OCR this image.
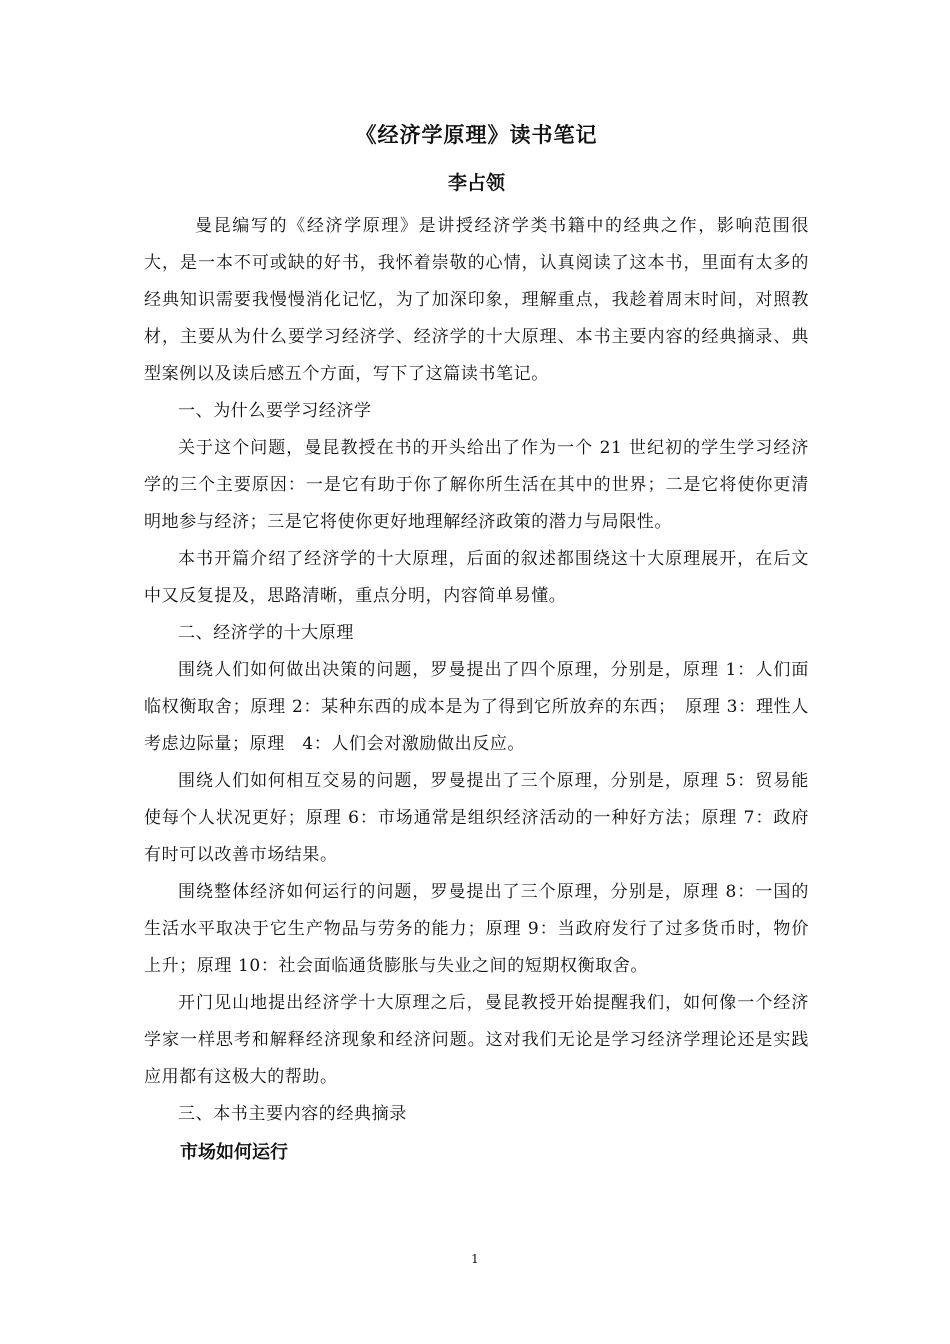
《经济学原理》读书笔记
李占领

曼昆编写的《经济学原理》是讲授经济学类书籍中的经典之作，影响范围很大，是一本不可或缺的好书，我怀着崇敬的心情，认真阅读了这本书，里面有太多的经典知识需要我慢慢消化记忆，为了加深印象，理解重点，我趁着周末时间，对照教材，主要从为什么要学习经济学、经济学的十大原理、本书主要内容的经典摘录、典型案例以及读后感五个方面，写下了这篇读书笔记。

一、为什么要学习经济学

关于这个问题，曼昆教授在书的开头给出了作为一个 21 世纪初的学生学习经济学的三个主要原因：一是它有助于你了解你所生活在其中的世界；二是它将使你更清明地参与经济；三是它将使你更好地理解经济政策的潜力与局限性。

本书开篇介绍了经济学的十大原理，后面的叙述都围绕这十大原理展开，在后文中又反复提及，思路清晰，重点分明，内容简单易懂。

二、经济学的十大原理

围绕人们如何做出决策的问题，罗曼提出了四个原理，分别是，原理 1：人们面临权衡取舍；原理 2：某种东西的成本是为了得到它所放弃的东西；　原理 3：理性人考虑边际量；原理　4：人们会对激励做出反应。

围绕人们如何相互交易的问题，罗曼提出了三个原理，分别是，原理 5：贸易能使每个人状况更好；原理 6：市场通常是组织经济活动的一种好方法；原理 7：政府有时可以改善市场结果。

围绕整体经济如何运行的问题，罗曼提出了三个原理，分别是，原理 8：一国的生活水平取决于它生产物品与劳务的能力；原理 9：当政府发行了过多货币时，物价上升；原理 10：社会面临通货膨胀与失业之间的短期权衡取舍。

开门见山地提出经济学十大原理之后，曼昆教授开始提醒我们，如何像一个经济学家一样思考和解释经济现象和经济问题。这对我们无论是学习经济学理论还是实践应用都有这极大的帮助。

三、本书主要内容的经典摘录

市场如何运行

1
